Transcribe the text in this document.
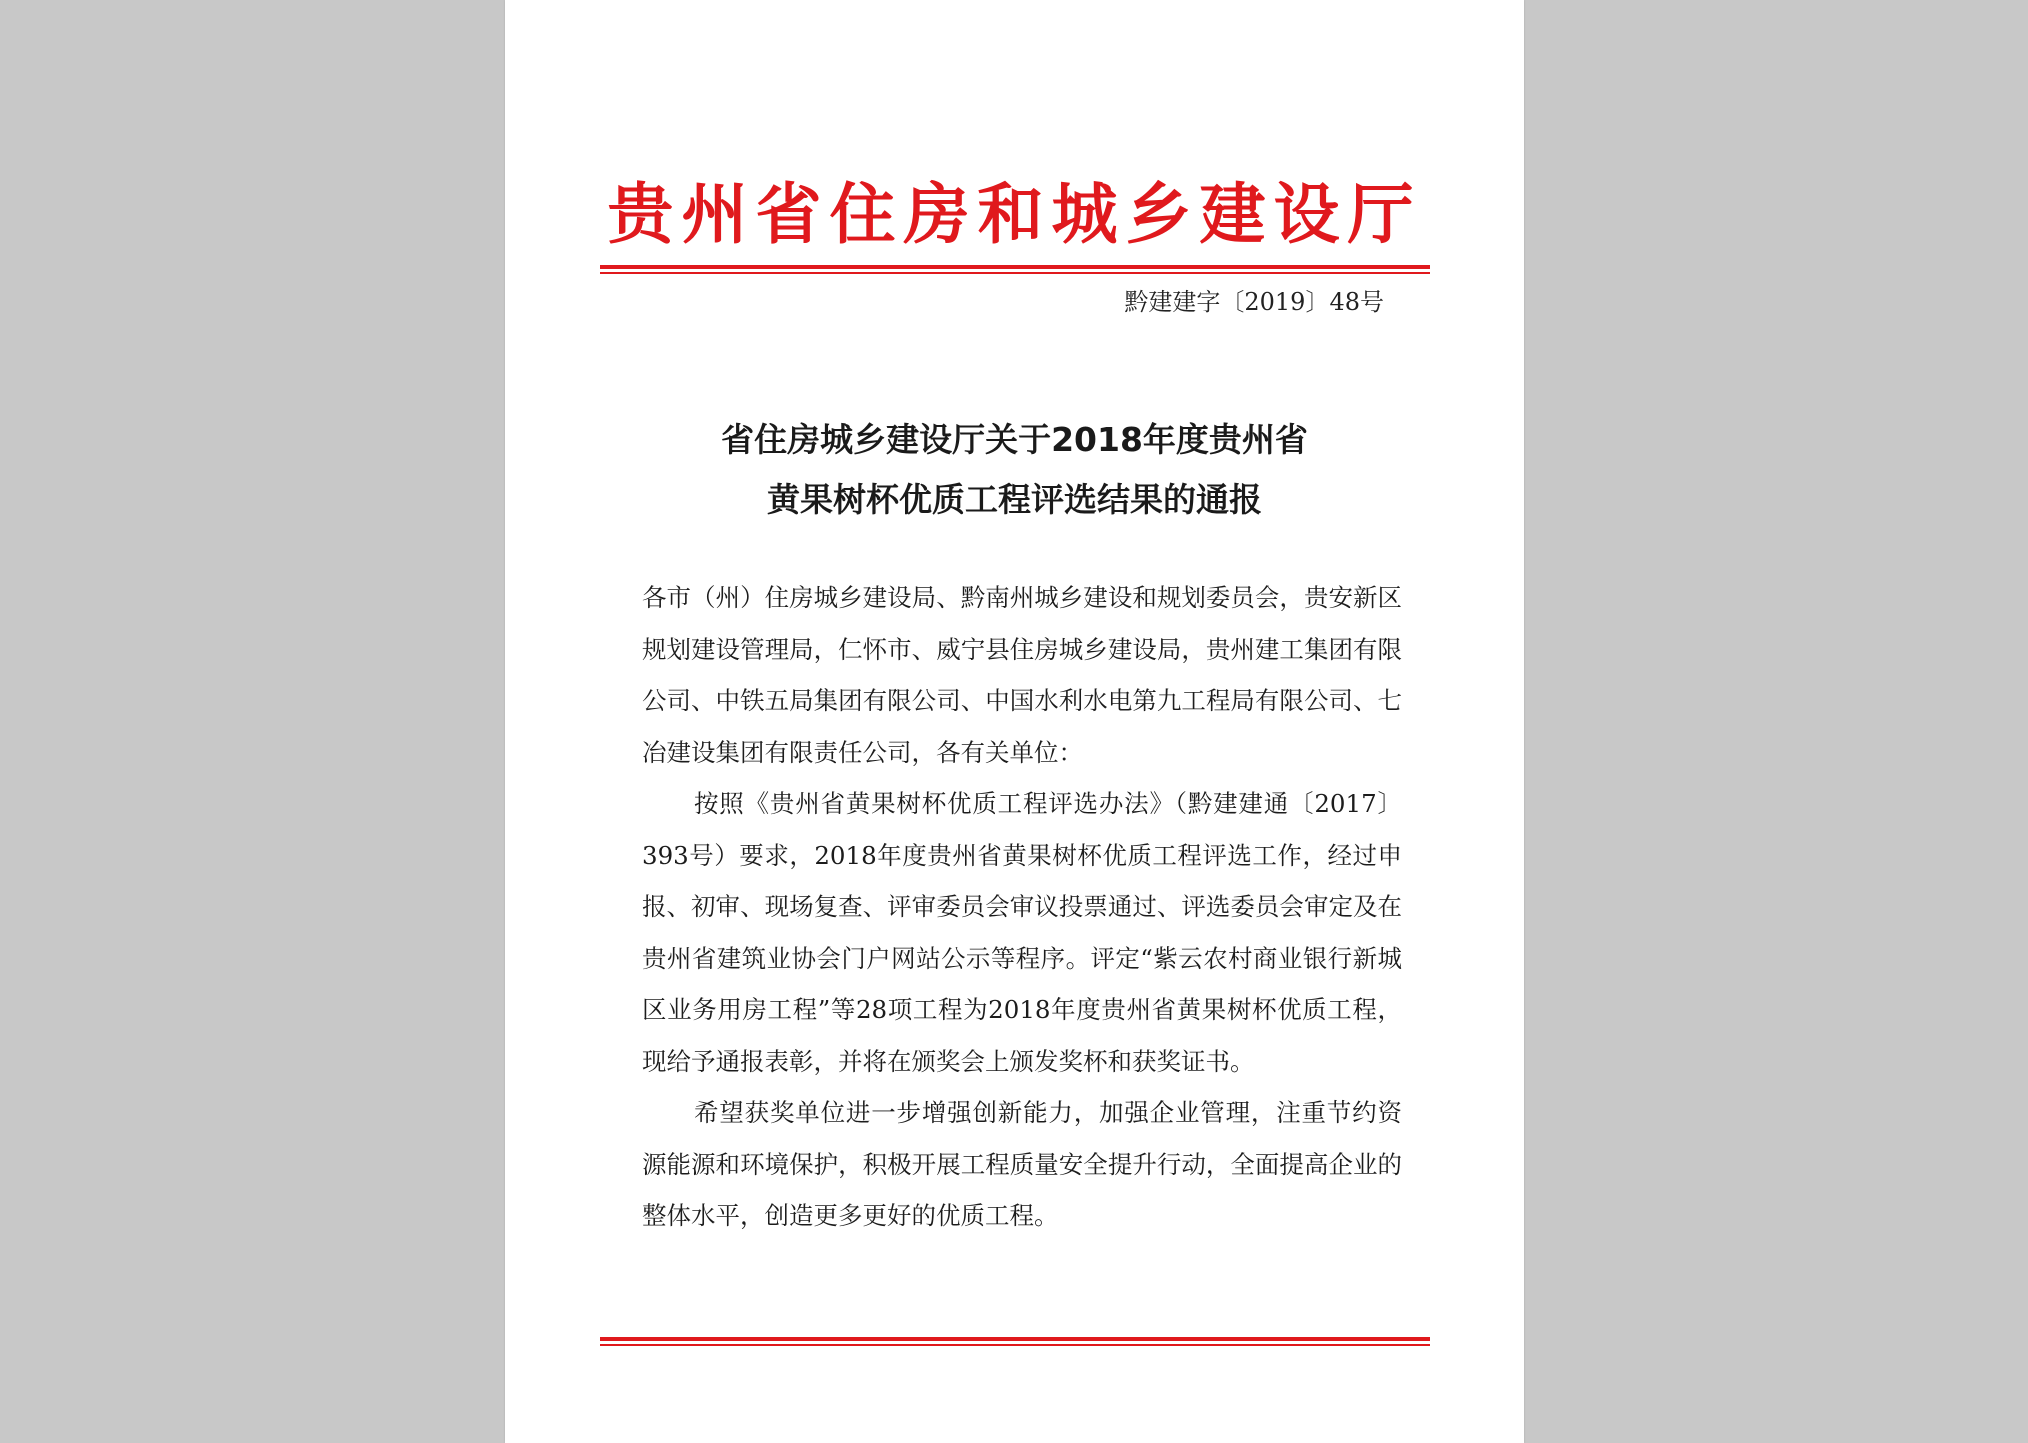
贵州省住房和城乡建设厅
黔建建字〔2019〕48号
省住房城乡建设厅关于2018年度贵州省
黄果树杯优质工程评选结果的通报

各市（州）住房城乡建设局、黔南州城乡建设和规划委员会，贵安新区规划建设管理局，仁怀市、威宁县住房城乡建设局，贵州建工集团有限公司、中铁五局集团有限公司、中国水利水电第九工程局有限公司、七冶建设集团有限责任公司，各有关单位：

按照《贵州省黄果树杯优质工程评选办法》（黔建建通〔2017〕393号）要求，2018年度贵州省黄果树杯优质工程评选工作，经过申报、初审、现场复查、评审委员会审议投票通过、评选委员会审定及在贵州省建筑业协会门户网站公示等程序。评定“紫云农村商业银行新城区业务用房工程”等28项工程为2018年度贵州省黄果树杯优质工程，现给予通报表彰，并将在颁奖会上颁发奖杯和获奖证书。

希望获奖单位进一步增强创新能力，加强企业管理，注重节约资源能源和环境保护，积极开展工程质量安全提升行动，全面提高企业的整体水平，创造更多更好的优质工程。
